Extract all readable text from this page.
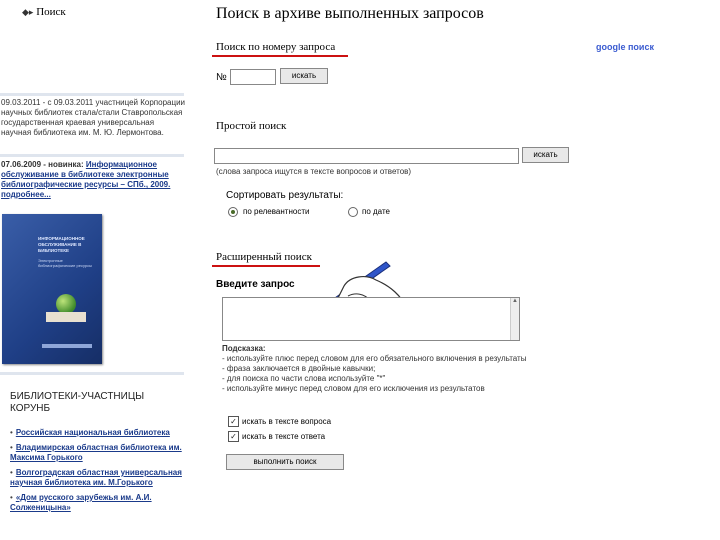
◆▸ Поиск
09.03.2011 - с 09.03.2011 участницей Корпорации научных библиотек стала/стали Ставропольская государственная краевая универсальная научная библиотека им. М. Ю. Лермонтова.
07.06.2009 - новинка: Информационное обслуживание в библиотеке электронные библиографические ресурсы – СПб., 2009.
подробнее...
ИНФОРМАЦИОННОЕ ОБСЛУЖИВАНИЕ В БИБЛИОТЕКЕ
Электронные библиографические ресурсы
БИБЛИОТЕКИ-УЧАСТНИЦЫ КОРУНБ
• Российская национальная библиотека
• Владимирская областная библиотека им. Максима Горького
• Волгоградская областная универсальная научная библиотека им. М.Горького
• «Дом русского зарубежья им. А.И. Солженицына»
Поиск в архиве выполненных запросов
Поиск по номеру запроса	google поиск
№	искать
Простой поиск
искать
(слова запроса ищутся в тексте вопросов и ответов)
Сортировать результаты:
по релевантности	по дате
Расширенный поиск
Введите запрос
▲
Подсказка:
- используйте плюс перед словом для его обязательного включения в результаты
- фраза заключается в двойные кавычки;
- для поиска по части слова используйте "*"
- используйте минус перед словом для его исключения из результатов
✓ искать в тексте вопроса
✓ искать в тексте ответа
выполнить поиск
